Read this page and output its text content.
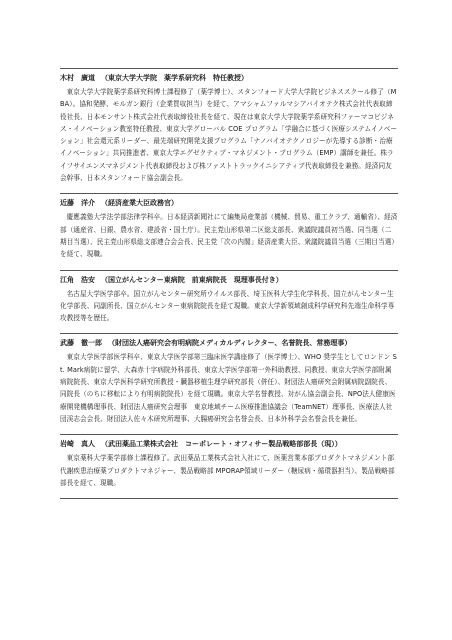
木村　廣道 （東京大学大学院　薬学系研究科　特任教授）

東京大学大学院薬学系研究科博士課程修了（薬学博士）、スタンフォード大学大学院ビジネススクール修了（MBA）。協和発酵、モルガン銀行（企業買収担当）を経て、アマシャムファルマシアバイオテク株式会社代表取締役社長、日本モンサント株式会社代表取締役社長を経て、現在は東京大学大学院薬学系研究科ファーマコビジネス・イノベーション教室特任教授、東京大学グローバル COE プログラム「学融合に基づく医療システムイノベーション」社会還元系リーダー、最先端研究開発支援プログラム「ナノバイオテクノロジーが先導する診断・治療イノベーション」共同推進者、東京大学エグゼクティブ・マネジメント・プログラム（EMP）講師を兼任。株ライフサイエンスマネジメント代表取締役および株ファストトラックイニシアティブ代表取締役を兼務。経済同友会幹事、日本スタンフォード協会副会長。

近藤　洋介 （経済産業大臣政務官）

慶應義塾大学法学部法律学科卒。日本経済新聞社にて編集局産業部（機械、貿易、重工クラブ、通輸省）、経済部（通産省、日銀、農水省、建設省・国土庁）。民主党山形県第二区総支部長、衆議院議員初当選、同当選（二期目当選）、民主党山形県総支部連合会会長、民主党「次の内閣」経済産業大臣、衆議院議員当選（三期目当選）を経て、現職。

江角　浩安 （国立がんセンター東病院　前東病院長　現理事長付き）

名古屋大学医学部卒。国立がんセンター研究所ウイルス部長、埼玉医科大学生化学科長、国立がんセンター生化学部長、同副所長、国立がんセンター東病院院長を経て現職。東京大学新領域創成科学研究科先端生命科学専攻教授等を歴任。

武藤　徹一郎 （財団法人癌研究会有明病院メディカルディレクター、名誉院長、常務理事）

東京大学医学部医学科卒、東京大学医学部第三臨床医学講座修了（医学博士）、WHO 奨学生としてロンドン St. Mark病院に留学、大森赤十字病院外科部長、東京大学医学部第一外科助教授、同教授、東京大学医学部附属病院院長、東京大学医科学研究所教授・臓器移植生理学研究部長（併任）、財団法人癌研究会附属病院副院長、同院長（のちに移転により有明病院院長）を経て現職。東京大学名誉教授、対がん協会副会長、NPO法人健康医療開発機構理事長、財団法人癌研究会理事　東京地域チーム医療推進協議会（TeamNET）理事長、医療法人社団渓志会会長、財団法人佐々木研究所理事、大腸癌研究会名誉会長、日本外科学会名誉会長を兼任。

岩崎　真人 （武田薬品工業株式会社　コーポレート・オフィサー製品戦略部部長（現））

東京薬科大学薬学部修士課程修了。武田薬品工業株式会社入社にて、医薬営業本部プロダクトマネジメント部代謝疾患治療薬プロダクトマネジャー、製品戦略部 MPORAP領域リーダー（糖尿病・循環器担当）、製品戦略部部長を経て、現職。
